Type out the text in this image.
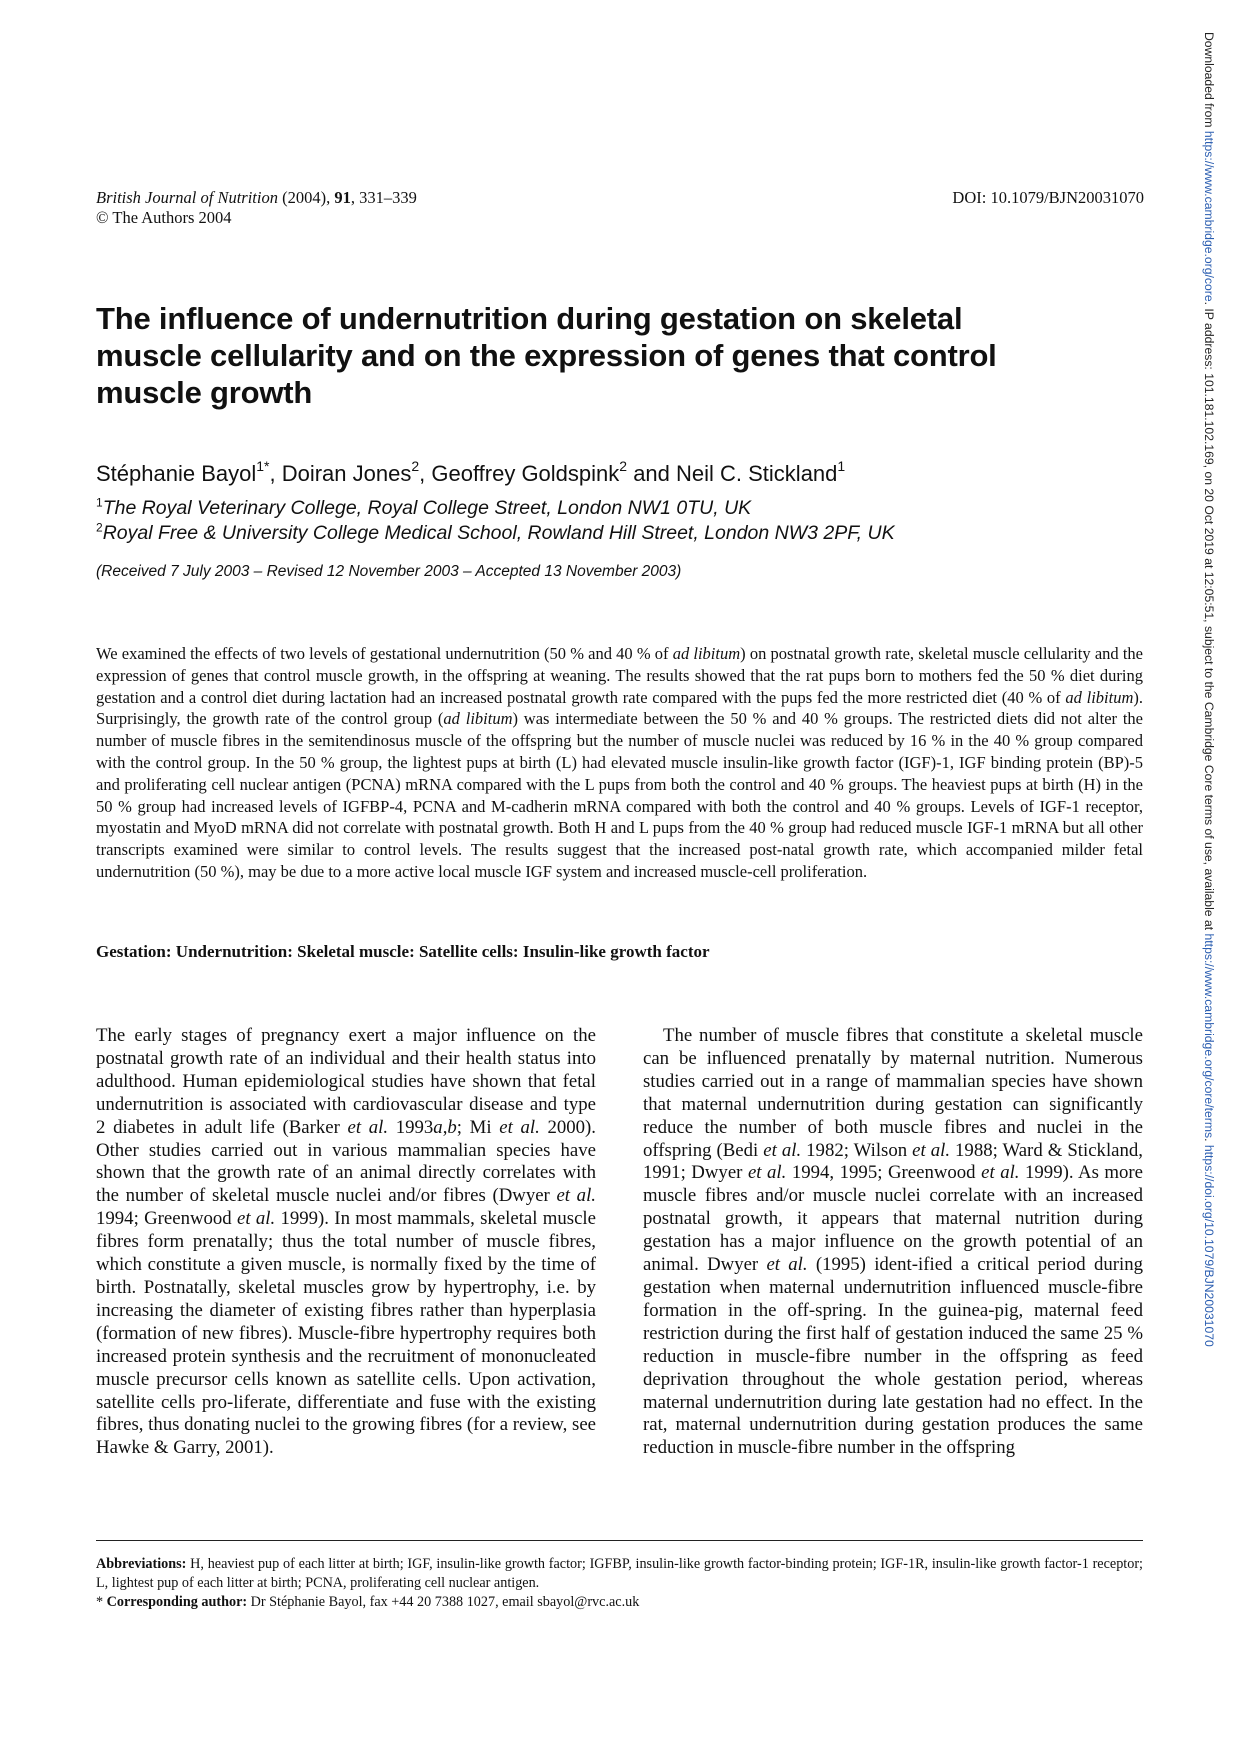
British Journal of Nutrition (2004), 91, 331–339
© The Authors 2004
DOI: 10.1079/BJN20031070
The influence of undernutrition during gestation on skeletal muscle cellularity and on the expression of genes that control muscle growth
Stéphanie Bayol$^{1*}$, Doiran Jones$^2$, Geoffrey Goldspink$^2$ and Neil C. Stickland$^1$
$^1$The Royal Veterinary College, Royal College Street, London NW1 0TU, UK
$^2$Royal Free & University College Medical School, Rowland Hill Street, London NW3 2PF, UK
(Received 7 July 2003 – Revised 12 November 2003 – Accepted 13 November 2003)

We examined the effects of two levels of gestational undernutrition (50 % and 40 % of ad libitum) on postnatal growth rate, skeletal muscle cellularity and the expression of genes that control muscle growth, in the offspring at weaning. The results showed that the rat pups born to mothers fed the 50 % diet during gestation and a control diet during lactation had an increased postnatal growth rate compared with the pups fed the more restricted diet (40 % of ad libitum). Surprisingly, the growth rate of the control group (ad libitum) was intermediate between the 50 % and 40 % groups. The restricted diets did not alter the number of muscle fibres in the semitendinosus muscle of the offspring but the number of muscle nuclei was reduced by 16 % in the 40 % group compared with the control group. In the 50 % group, the lightest pups at birth (L) had elevated muscle insulin-like growth factor (IGF)-1, IGF binding protein (BP)-5 and proliferating cell nuclear antigen (PCNA) mRNA compared with the L pups from both the control and 40 % groups. The heaviest pups at birth (H) in the 50 % group had increased levels of IGFBP-4, PCNA and M-cadherin mRNA compared with both the control and 40 % groups. Levels of IGF-1 receptor, myostatin and MyoD mRNA did not correlate with postnatal growth. Both H and L pups from the 40 % group had reduced muscle IGF-1 mRNA but all other transcripts examined were similar to control levels. The results suggest that the increased post-natal growth rate, which accompanied milder fetal undernutrition (50 %), may be due to a more active local muscle IGF system and increased muscle-cell proliferation.

Gestation: Undernutrition: Skeletal muscle: Satellite cells: Insulin-like growth factor

The early stages of pregnancy exert a major influence on the postnatal growth rate of an individual and their health status into adulthood. Human epidemiological studies have shown that fetal undernutrition is associated with cardiovascular disease and type 2 diabetes in adult life (Barker et al. 1993a,b; Mi et al. 2000). Other studies carried out in various mammalian species have shown that the growth rate of an animal directly correlates with the number of skeletal muscle nuclei and/or fibres (Dwyer et al. 1994; Greenwood et al. 1999). In most mammals, skeletal muscle fibres form prenatally; thus the total number of muscle fibres, which constitute a given muscle, is normally fixed by the time of birth. Postnatally, skeletal muscles grow by hypertrophy, i.e. by increasing the diameter of existing fibres rather than hyperplasia (formation of new fibres). Muscle-fibre hypertrophy requires both increased protein synthesis and the recruitment of mononucleated muscle precursor cells known as satellite cells. Upon activation, satellite cells pro-liferate, differentiate and fuse with the existing fibres, thus donating nuclei to the growing fibres (for a review, see Hawke & Garry, 2001).

The number of muscle fibres that constitute a skeletal muscle can be influenced prenatally by maternal nutrition. Numerous studies carried out in a range of mammalian species have shown that maternal undernutrition during gestation can significantly reduce the number of both muscle fibres and nuclei in the offspring (Bedi et al. 1982; Wilson et al. 1988; Ward & Stickland, 1991; Dwyer et al. 1994, 1995; Greenwood et al. 1999). As more muscle fibres and/or muscle nuclei correlate with an increased postnatal growth, it appears that maternal nutrition during gestation has a major influence on the growth potential of an animal. Dwyer et al. (1995) ident-ified a critical period during gestation when maternal undernutrition influenced muscle-fibre formation in the off-spring. In the guinea-pig, maternal feed restriction during the first half of gestation induced the same 25 % reduction in muscle-fibre number in the offspring as feed deprivation throughout the whole gestation period, whereas maternal undernutrition during late gestation had no effect. In the rat, maternal undernutrition during gestation produces the same reduction in muscle-fibre number in the offspring

Abbreviations: H, heaviest pup of each litter at birth; IGF, insulin-like growth factor; IGFBP, insulin-like growth factor-binding protein; IGF-1R, insulin-like growth factor-1 receptor; L, lightest pup of each litter at birth; PCNA, proliferating cell nuclear antigen.

* Corresponding author: Dr Stéphanie Bayol, fax +44 20 7388 1027, email sbayol@rvc.ac.uk
Downloaded from https://www.cambridge.org/core. IP address: 101.181.102.169, on 20 Oct 2019 at 12:05:51, subject to the Cambridge Core terms of use, available at https://www.cambridge.org/core/terms. https://doi.org/10.1079/BJN20031070
